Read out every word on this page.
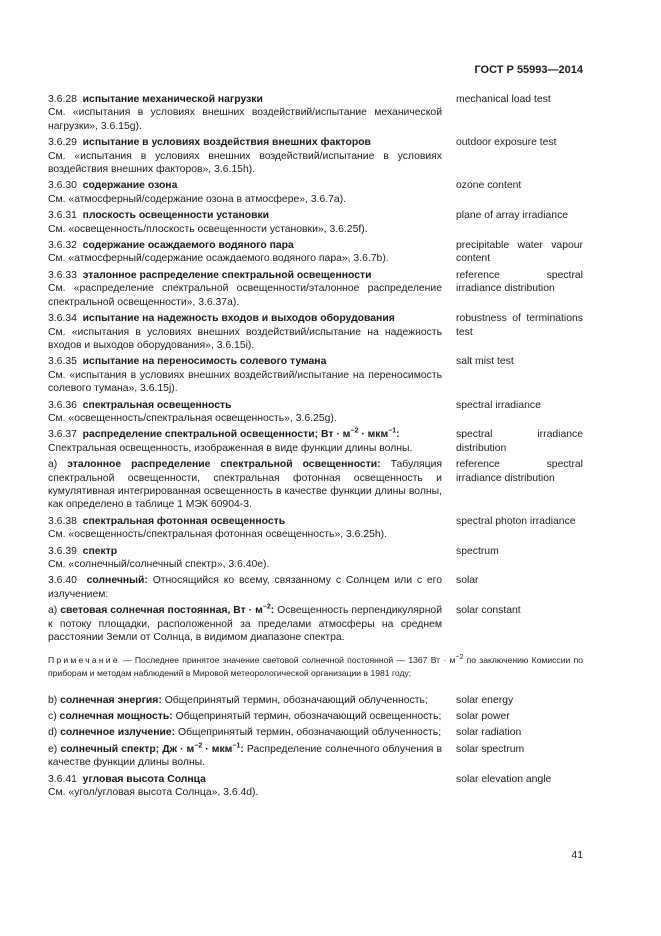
ГОСТ Р 55993—2014
3.6.28 испытание механической нагрузки
См. «испытания в условиях внешних воздействий/испытание механической нагрузки», 3.6.15g).
mechanical load test
3.6.29 испытание в условиях воздействия внешних факторов
См. «испытания в условиях внешних воздействий/испытание в условиях воздействия внешних факторов», 3.6.15h).
outdoor exposure test
3.6.30 содержание озона
См. «атмосферный/содержание озона в атмосфере», 3.6.7a).
ozone content
3.6.31 плоскость освещенности установки
См. «освещенность/плоскость освещенности установки», 3.6.25f).
plane of array irradiance
3.6.32 содержание осаждаемого водяного пара
См. «атмосферный/содержание осаждаемого водяного пара», 3.6.7b).
precipitable water vapour content
3.6.33 эталонное распределение спектральной освещенности
См. «распределение спектральной освещенности/эталонное распределение спектральной освещенности», 3.6.37a).
reference spectral irradiance distribution
3.6.34 испытание на надежность входов и выходов оборудования
См. «испытания в условиях внешних воздействий/испытание на надежность входов и выходов оборудования», 3.6.15i).
robustness of terminations test
3.6.35 испытание на переносимость солевого тумана
См. «испытания в условиях внешних воздействий/испытание на переносимость солевого тумана», 3.6.15j).
salt mist test
3.6.36 спектральная освещенность
См. «освещенность/спектральная освещенность», 3.6.25g).
spectral irradiance
3.6.37 распределение спектральной освещенности; Вт · $м^{-2} \cdot мкм^{-1}$:
Спектральная освещенность, изображенная в виде функции длины волны.
spectral irradiance distribution
a) эталонное распределение спектральной освещенности: Табуляция спектральной освещенности, спектральная фотонная освещенность и кумулятивная интегрированная освещенность в качестве функции длины волны, как определено в таблице 1 МЭК 60904-3.
reference spectral irradiance distribution
3.6.38 спектральная фотонная освещенность
См. «освещенность/спектральная фотонная освещенность», 3.6.25h).
spectral photon irradiance
3.6.39 спектр
См. «солнечный/солнечный спектр», 3.6.40e).
spectrum
3.6.40 солнечный: Относящийся ко всему, связанному с Солнцем или с его излучением:
solar
a) световая солнечная постоянная, Вт · $м^{-2}$: Освещенность перпендикулярной к потоку площадки, расположенной за пределами атмосферы на среднем расстоянии Земли от Солнца, в видимом диапазоне спектра.
solar constant
Примечание — Последнее принятое значение световой солнечной постоянной — 1367 Вт · $м^{-2}$ по заключению Комиссии по приборам и методам наблюдений в Мировой метеорологической организации в 1981 году;
b) солнечная энергия: Общепринятый термин, обозначающий облученность;	solar energy
c) солнечная мощность: Общепринятый термин, обозначающий освещенность; solar power
d) солнечное излучение: Общепринятый термин, обозначающий облученность; solar radiation
e) солнечный спектр; Дж · $м^{-2} \cdot мкм^{-1}$: Распределение солнечного облучения в качестве функции длины волны.
solar spectrum
3.6.41 угловая высота Солнца
См. «угол/угловая высота Солнца», 3.6.4d).
solar elevation angle
41
